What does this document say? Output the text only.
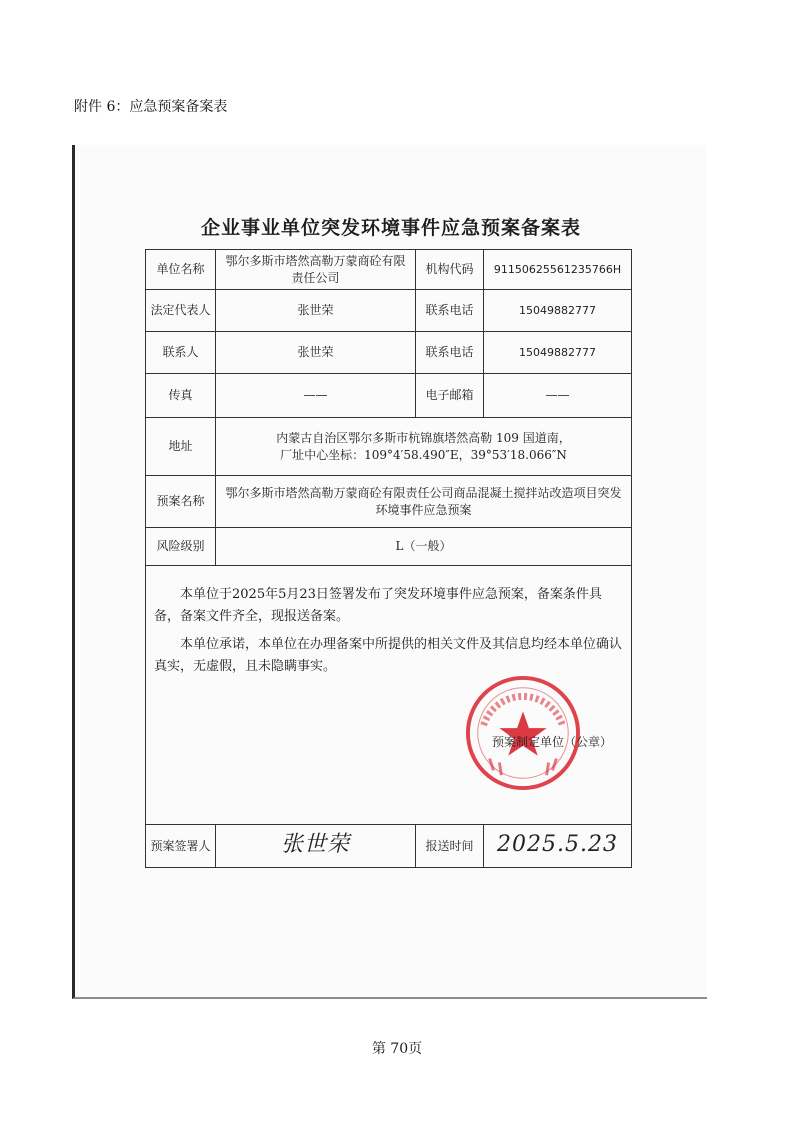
附件 6：应急预案备案表
企业事业单位突发环境事件应急预案备案表
单位名称	鄂尔多斯市塔然高勒万蒙商砼有限责任公司	机构代码	91150625561235766H
法定代表人	张世荣	联系电话	15049882777
联系人	张世荣	联系电话	15049882777
传真	——	电子邮箱	——
地址	内蒙古自治区鄂尔多斯市杭锦旗塔然高勒 109 国道南，
厂址中心坐标：109°4′58.490″E，39°53′18.066″N		

预案名称	鄂尔多斯市塔然高勒万蒙商砼有限责任公司商品混凝土搅拌站改造项目突发环境事件应急预案		
风险级别	L（一般）		

本单位于2025年5月23日签署发布了突发环境事件应急预案，备案条件具备，备案文件齐全，现报送备案。

本单位承诺，本单位在办理备案中所提供的相关文件及其信息均经本单位确认真实，无虚假，且未隐瞒事实。

预案制定单位（公章）			

预案签署人	张世荣	报送时间	2025.5.23
第 70页
